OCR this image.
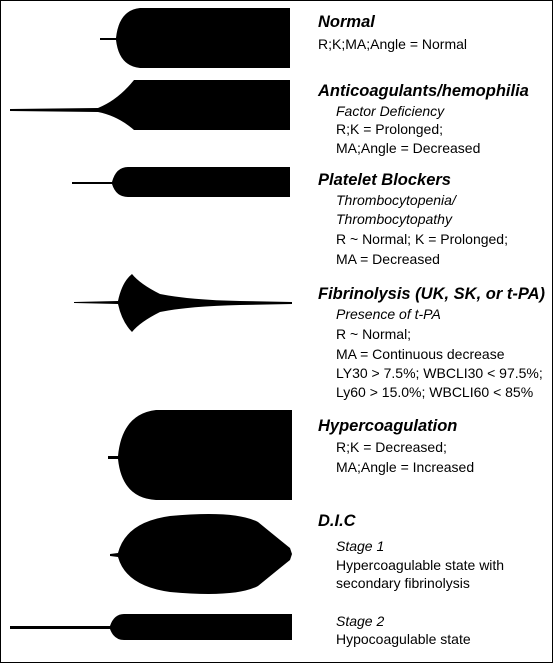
Normal
R;K;MA;Angle = Normal
Anticoagulants/hemophilia
Factor Deficiency
R;K = Prolonged;
MA;Angle = Decreased
Platelet Blockers
Thrombocytopenia/
Thrombocytopathy
R ~ Normal; K = Prolonged;
MA = Decreased
Fibrinolysis (UK, SK, or t-PA)
Presence of t-PA
R ~ Normal;
MA = Continuous decrease
LY30 > 7.5%; WBCLI30 < 97.5%;
Ly60 > 15.0%; WBCLI60 < 85%
Hypercoagulation
R;K = Decreased;
MA;Angle = Increased
D.I.C
Stage 1
Hypercoagulable state with
secondary fibrinolysis
Stage 2
Hypocoagulable state
